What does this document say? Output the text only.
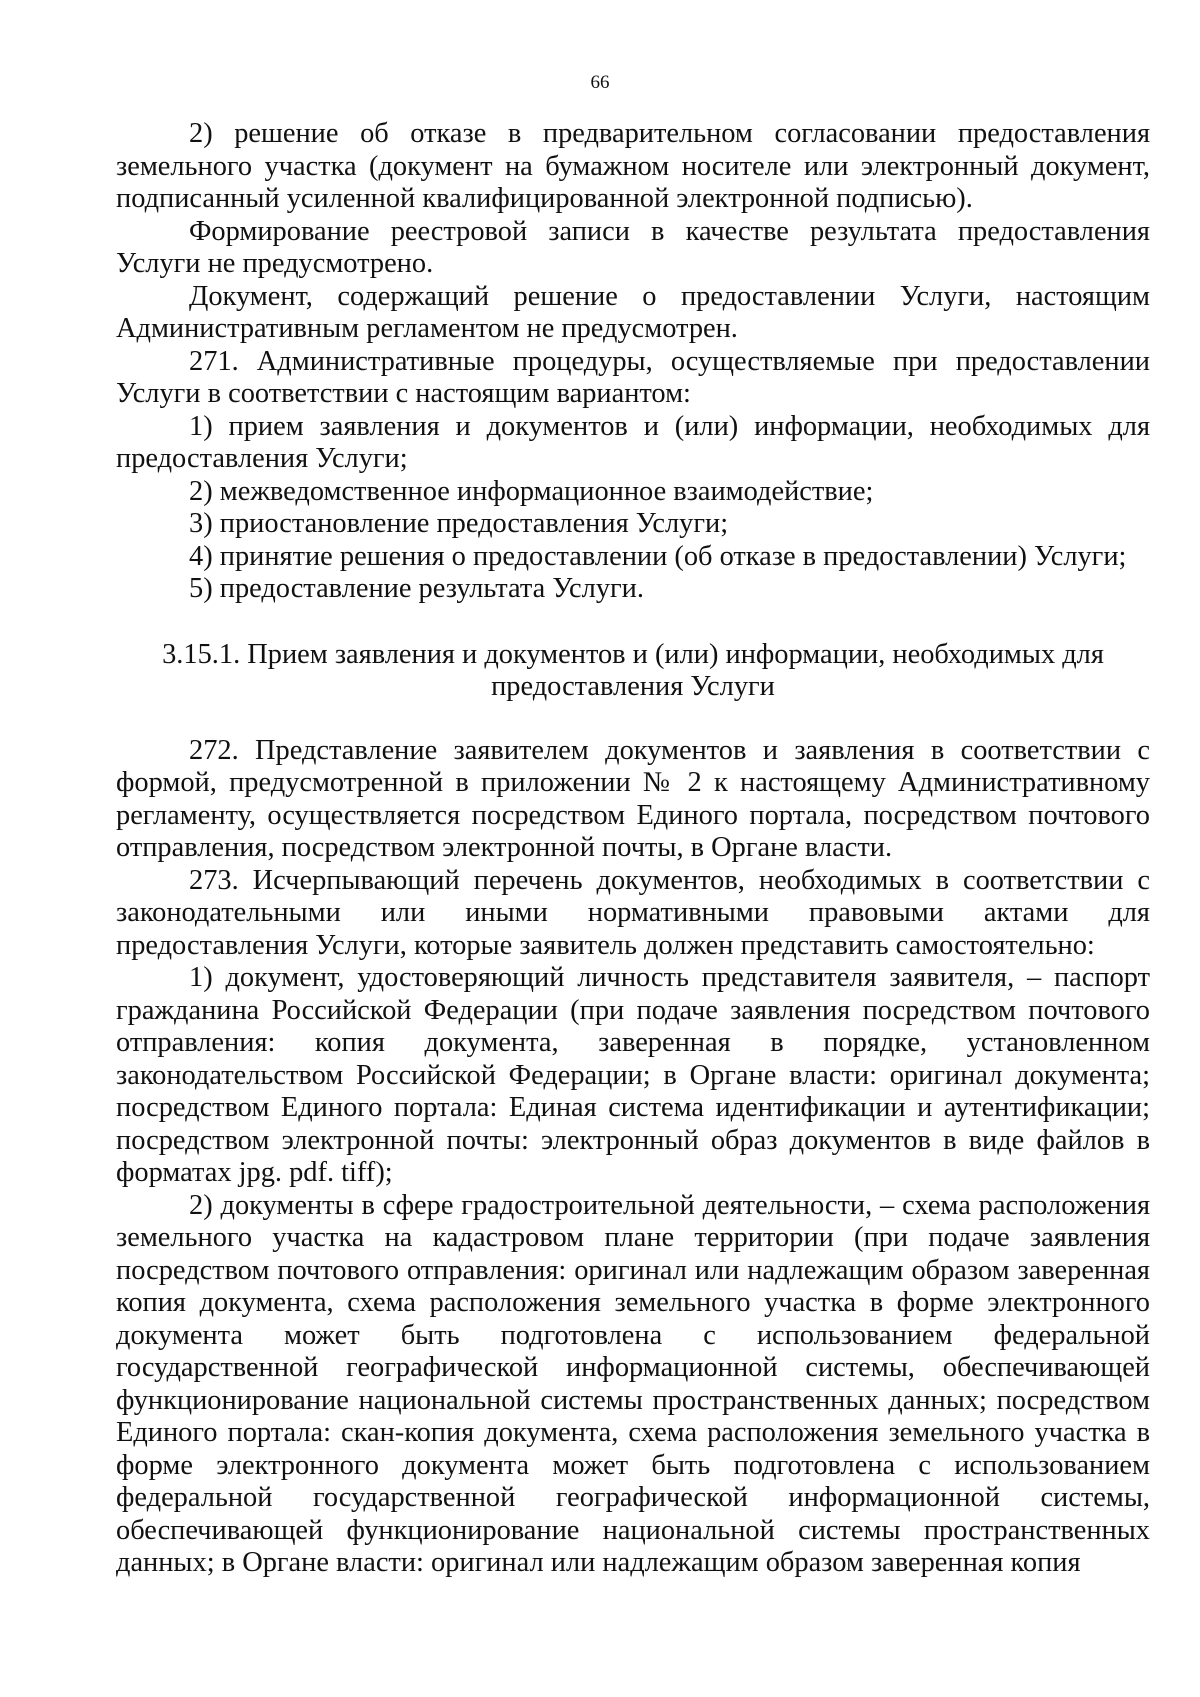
66

2) решение об отказе в предварительном согласовании предоставления земельного участка (документ на бумажном носителе или электронный документ, подписанный усиленной квалифицированной электронной подписью).

Формирование реестровой записи в качестве результата предоставления Услуги не предусмотрено.

Документ, содержащий решение о предоставлении Услуги, настоящим Административным регламентом не предусмотрен.

271. Административные процедуры, осуществляемые при предоставлении Услуги в соответствии с настоящим вариантом:

1) прием заявления и документов и (или) информации, необходимых для предоставления Услуги;

2) межведомственное информационное взаимодействие;

3) приостановление предоставления Услуги;

4) принятие решения о предоставлении (об отказе в предоставлении) Услуги;

5) предоставление результата Услуги.

3.15.1. Прием заявления и документов и (или) информации, необходимых для предоставления Услуги

272. Представление заявителем документов и заявления в соответствии с формой, предусмотренной в приложении № 2 к настоящему Административному регламенту, осуществляется посредством Единого портала, посредством почтового отправления, посредством электронной почты, в Органе власти.

273. Исчерпывающий перечень документов, необходимых в соответствии с законодательными или иными нормативными правовыми актами для предоставления Услуги, которые заявитель должен представить самостоятельно:

1) документ, удостоверяющий личность представителя заявителя, – паспорт гражданина Российской Федерации (при подаче заявления посредством почтового отправления: копия документа, заверенная в порядке, установленном законодательством Российской Федерации; в Органе власти: оригинал документа; посредством Единого портала: Единая система идентификации и аутентификации; посредством электронной почты: электронный образ документов в виде файлов в форматах jpg. pdf. tiff);

2) документы в сфере градостроительной деятельности, – схема расположения земельного участка на кадастровом плане территории (при подаче заявления посредством почтового отправления: оригинал или надлежащим образом заверенная копия документа, схема расположения земельного участка в форме электронного документа может быть подготовлена с использованием федеральной государственной географической информационной системы, обеспечивающей функционирование национальной системы пространственных данных; посредством Единого портала: скан-копия документа, схема расположения земельного участка в форме электронного документа может быть подготовлена с использованием федеральной государственной географической информационной системы, обеспечивающей функционирование национальной системы пространственных данных; в Органе власти: оригинал или надлежащим образом заверенная копия
